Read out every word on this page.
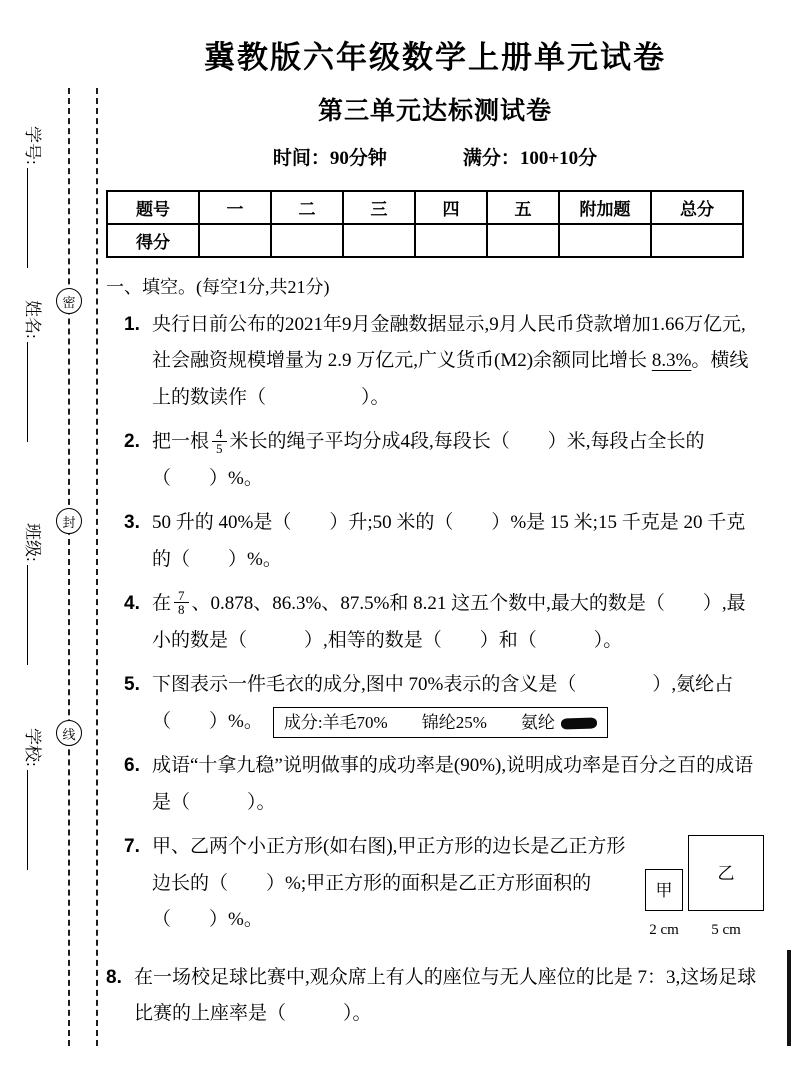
密
封
线
学号:
姓名:
班级:
学校:
冀教版六年级数学上册单元试卷
第三单元达标测试卷
时间：90分钟　　　　满分：100+10分
题号	一	二	三	四	五	附加题	总分
得分							
一、填空。(每空1分,共21分)
1. 央行日前公布的2021年9月金融数据显示,9月人民币贷款增加1.66万亿元,社会融资规模增量为 2.9 万亿元,广义货币(M2)余额同比增长 8.3%。横线上的数读作（　　　　　）。
2. 把一根 $\frac{4}{5}$ 米长的绳子平均分成4段,每段长（　　）米,每段占全长的（　　）%。
3. 50 升的 40%是（　　）升;50 米的（　　）%是 15 米;15 千克是 20 千克的（　　）%。
4. 在 $\frac{7}{8}$ 、0.878、86.3%、87.5%和 8.21 这五个数中,最大的数是（　　）,最小的数是（　　　）,相等的数是（　　）和（　　　）。
5. 下图表示一件毛衣的成分,图中 70%表示的含义是（　　　　）,氨纶占（　　）%。 成分:羊毛70%　　锦纶25%　　氨纶
6. 成语“十拿九稳”说明做事的成功率是(90%),说明成功率是百分之百的成语是（　　　）。
7.
甲
2 cm
乙
5 cm
甲、乙两个小正方形(如右图),甲正方形的边长是乙正方形边长的（　　）%;甲正方形的面积是乙正方形面积的（　　）%。
8. 在一场校足球比赛中,观众席上有人的座位与无人座位的比是 7：3,这场足球比赛的上座率是（　　　）。
